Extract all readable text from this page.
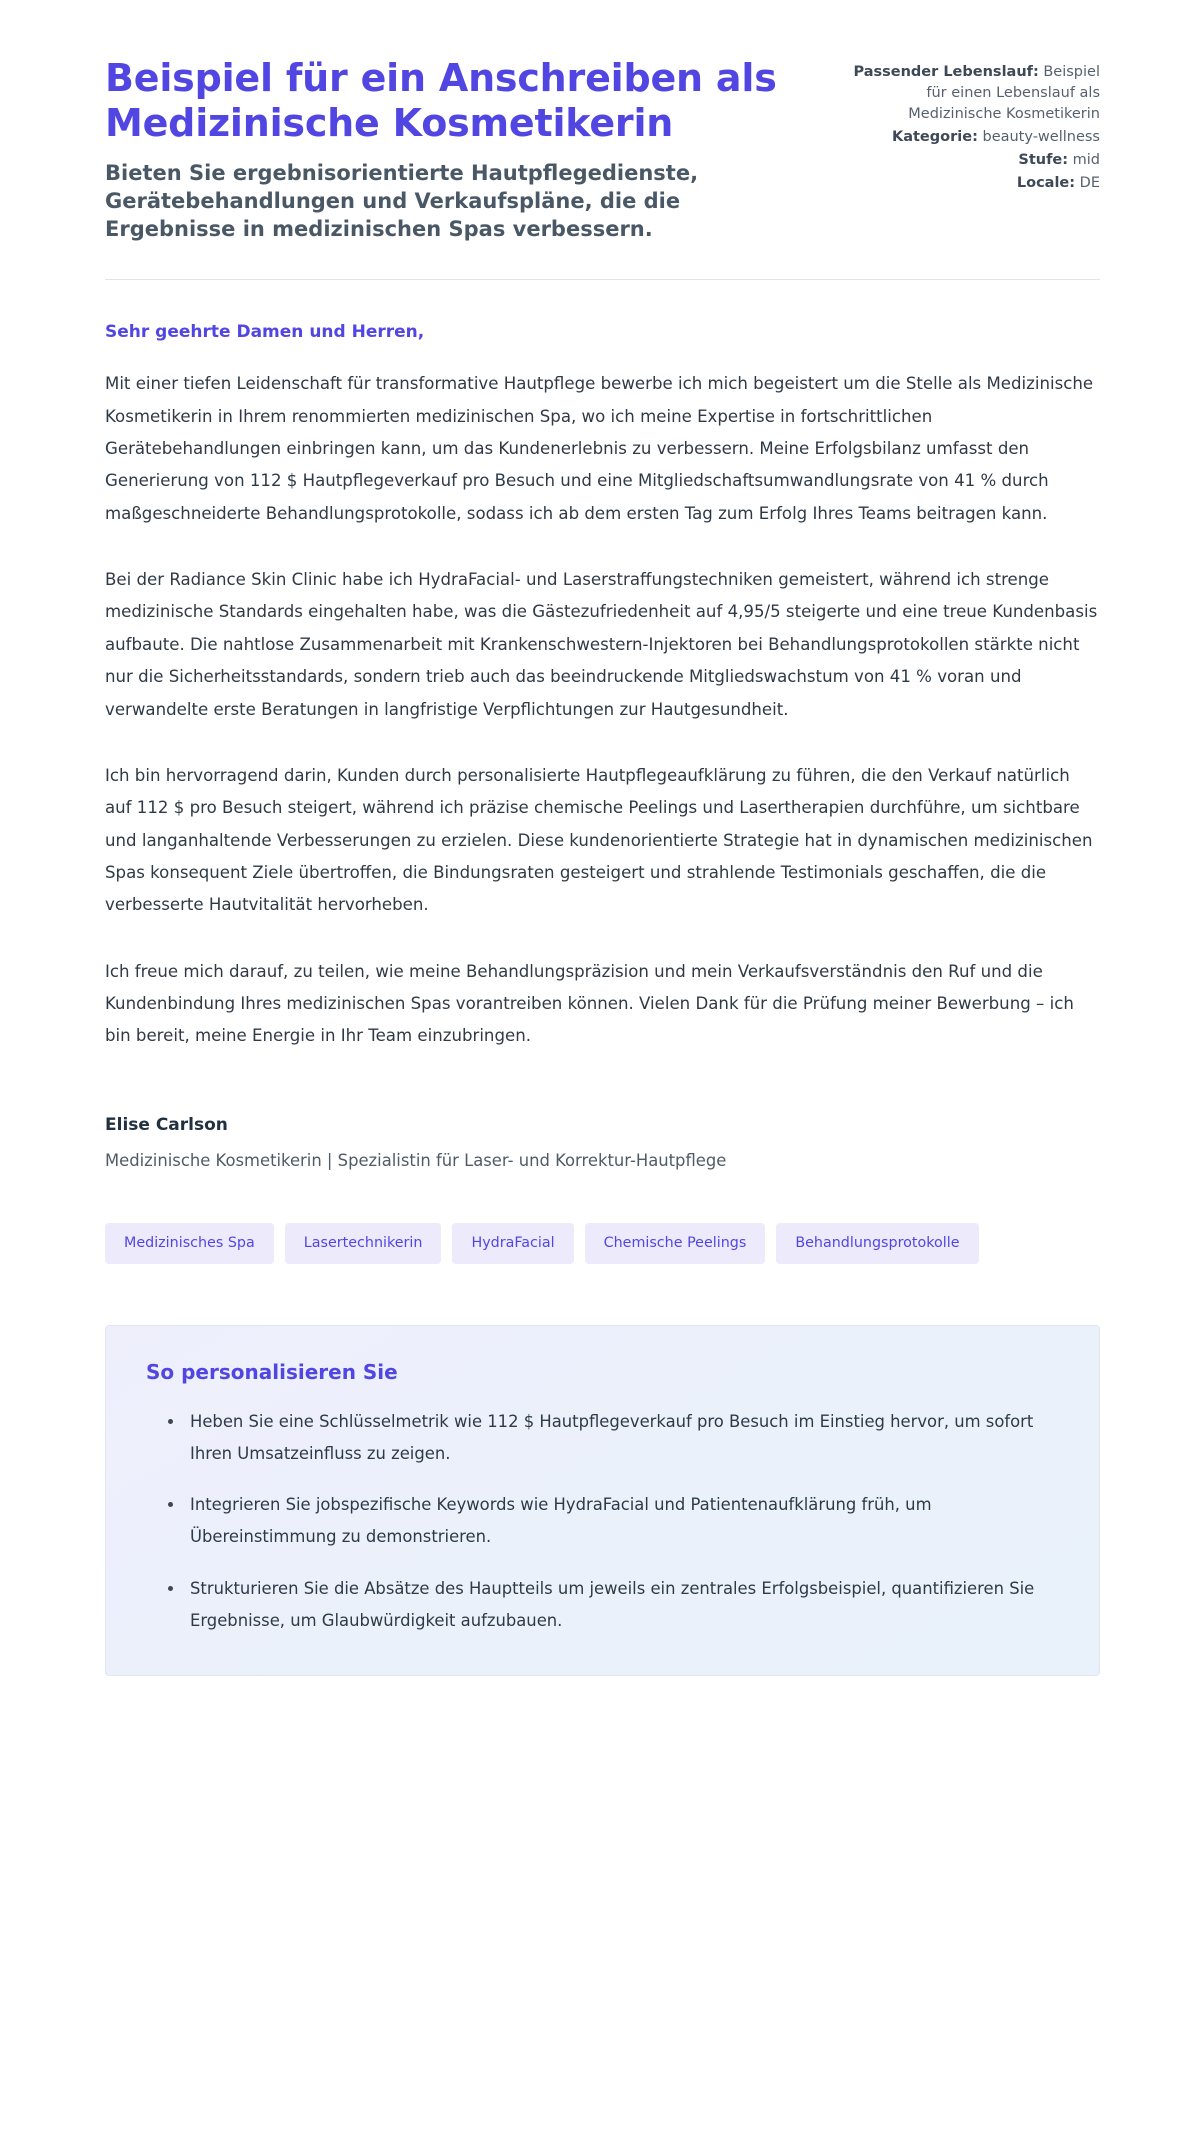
Beispiel für ein Anschreiben als Medizinische Kosmetikerin

Bieten Sie ergebnisorientierte Hautpflegedienste, Gerätebehandlungen und Verkaufspläne, die die Ergebnisse in medizinischen Spas verbessern.

Passender Lebenslauf: Beispiel für einen Lebenslauf als Medizinische Kosmetikerin
Kategorie: beauty-wellness
Stufe: mid
Locale: DE

Sehr geehrte Damen und Herren,

Mit einer tiefen Leidenschaft für transformative Hautpflege bewerbe ich mich begeistert um die Stelle als Medizinische Kosmetikerin in Ihrem renommierten medizinischen Spa, wo ich meine Expertise in fortschrittlichen Gerätebehandlungen einbringen kann, um das Kundenerlebnis zu verbessern. Meine Erfolgsbilanz umfasst den Generierung von 112 $ Hautpflegeverkauf pro Besuch und eine Mitgliedschaftsumwandlungsrate von 41 % durch maßgeschneiderte Behandlungsprotokolle, sodass ich ab dem ersten Tag zum Erfolg Ihres Teams beitragen kann.

Bei der Radiance Skin Clinic habe ich HydraFacial- und Laserstraffungstechniken gemeistert, während ich strenge medizinische Standards eingehalten habe, was die Gästezufriedenheit auf 4,95/5 steigerte und eine treue Kundenbasis aufbaute. Die nahtlose Zusammenarbeit mit Krankenschwestern-Injektoren bei Behandlungsprotokollen stärkte nicht nur die Sicherheitsstandards, sondern trieb auch das beeindruckende Mitgliedswachstum von 41 % voran und verwandelte erste Beratungen in langfristige Verpflichtungen zur Hautgesundheit.

Ich bin hervorragend darin, Kunden durch personalisierte Hautpflegeaufklärung zu führen, die den Verkauf natürlich auf 112 $ pro Besuch steigert, während ich präzise chemische Peelings und Lasertherapien durchführe, um sichtbare und langanhaltende Verbesserungen zu erzielen. Diese kundenorientierte Strategie hat in dynamischen medizinischen Spas konsequent Ziele übertroffen, die Bindungsraten gesteigert und strahlende Testimonials geschaffen, die die verbesserte Hautvitalität hervorheben.

Ich freue mich darauf, zu teilen, wie meine Behandlungspräzision und mein Verkaufsverständnis den Ruf und die Kundenbindung Ihres medizinischen Spas vorantreiben können. Vielen Dank für die Prüfung meiner Bewerbung – ich bin bereit, meine Energie in Ihr Team einzubringen.

Elise Carlson

Medizinische Kosmetikerin | Spezialistin für Laser- und Korrektur-Hautpflege

Medizinisches Spa	Lasertechnikerin	HydraFacial	Chemische Peelings	Behandlungsprotokolle
So personalisieren Sie
Heben Sie eine Schlüsselmetrik wie 112 $ Hautpflegeverkauf pro Besuch im Einstieg hervor, um sofort Ihren Umsatzeinfluss zu zeigen.
Integrieren Sie jobspezifische Keywords wie HydraFacial und Patientenaufklärung früh, um Übereinstimmung zu demonstrieren.
Strukturieren Sie die Absätze des Hauptteils um jeweils ein zentrales Erfolgsbeispiel, quantifizieren Sie Ergebnisse, um Glaubwürdigkeit aufzubauen.
